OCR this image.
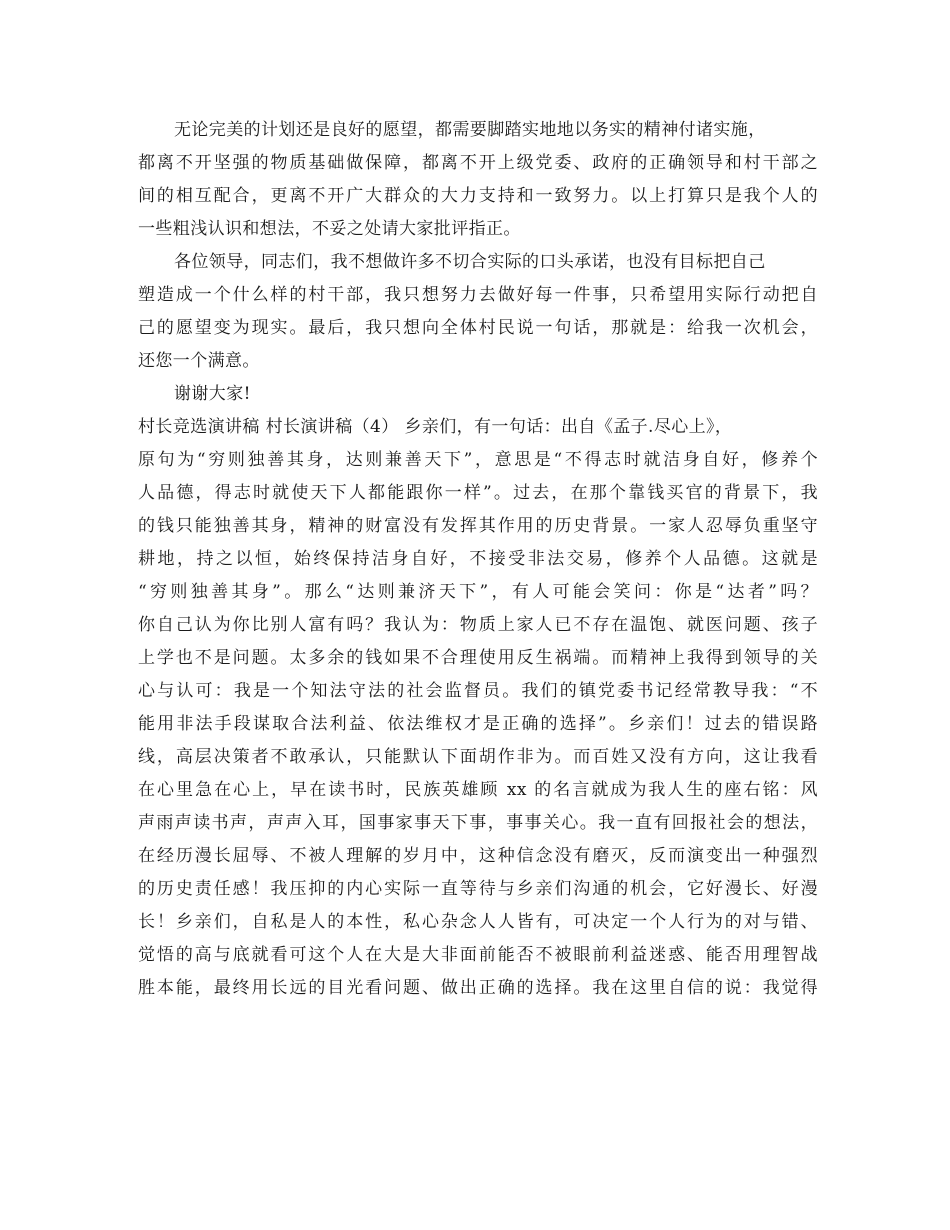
无论完美的计划还是良好的愿望，都需要脚踏实地地以务实的精神付诸实施，
都离不开坚强的物质基础做保障，都离不开上级党委、政府的正确领导和村干部之
间的相互配合，更离不开广大群众的大力支持和一致努力。以上打算只是我个人的
一些粗浅认识和想法，不妥之处请大家批评指正。
各位领导，同志们，我不想做许多不切合实际的口头承诺，也没有目标把自己
塑造成一个什么样的村干部，我只想努力去做好每一件事，只希望用实际行动把自
己的愿望变为现实。最后，我只想向全体村民说一句话，那就是：给我一次机会，
还您一个满意。
谢谢大家!
村长竞选演讲稿 村长演讲稿（4） 乡亲们，有一句话：出自《孟子.尽心上》，
原句为“穷则独善其身，达则兼善天下”，意思是“不得志时就洁身自好，修养个
人品德，得志时就使天下人都能跟你一样”。过去，在那个靠钱买官的背景下，我
的钱只能独善其身，精神的财富没有发挥其作用的历史背景。一家人忍辱负重坚守
耕地，持之以恒，始终保持洁身自好，不接受非法交易，修养个人品德。这就是
“穷则独善其身”。那么“达则兼济天下”，有人可能会笑问：你是“达者”吗？
你自己认为你比别人富有吗？我认为：物质上家人已不存在温饱、就医问题、孩子
上学也不是问题。太多余的钱如果不合理使用反生祸端。而精神上我得到领导的关
心与认可：我是一个知法守法的社会监督员。我们的镇党委书记经常教导我：“不
能用非法手段谋取合法利益、依法维权才是正确的选择”。乡亲们！过去的错误路
线，高层决策者不敢承认，只能默认下面胡作非为。而百姓又没有方向，这让我看
在心里急在心上，早在读书时，民族英雄顾 xx 的名言就成为我人生的座右铭：风
声雨声读书声，声声入耳，国事家事天下事，事事关心。我一直有回报社会的想法，
在经历漫长屈辱、不被人理解的岁月中，这种信念没有磨灭，反而演变出一种强烈
的历史责任感！我压抑的内心实际一直等待与乡亲们沟通的机会，它好漫长、好漫
长！乡亲们，自私是人的本性，私心杂念人人皆有，可决定一个人行为的对与错、
觉悟的高与底就看可这个人在大是大非面前能否不被眼前利益迷惑、能否用理智战
胜本能，最终用长远的目光看问题、做出正确的选择。我在这里自信的说：我觉得
